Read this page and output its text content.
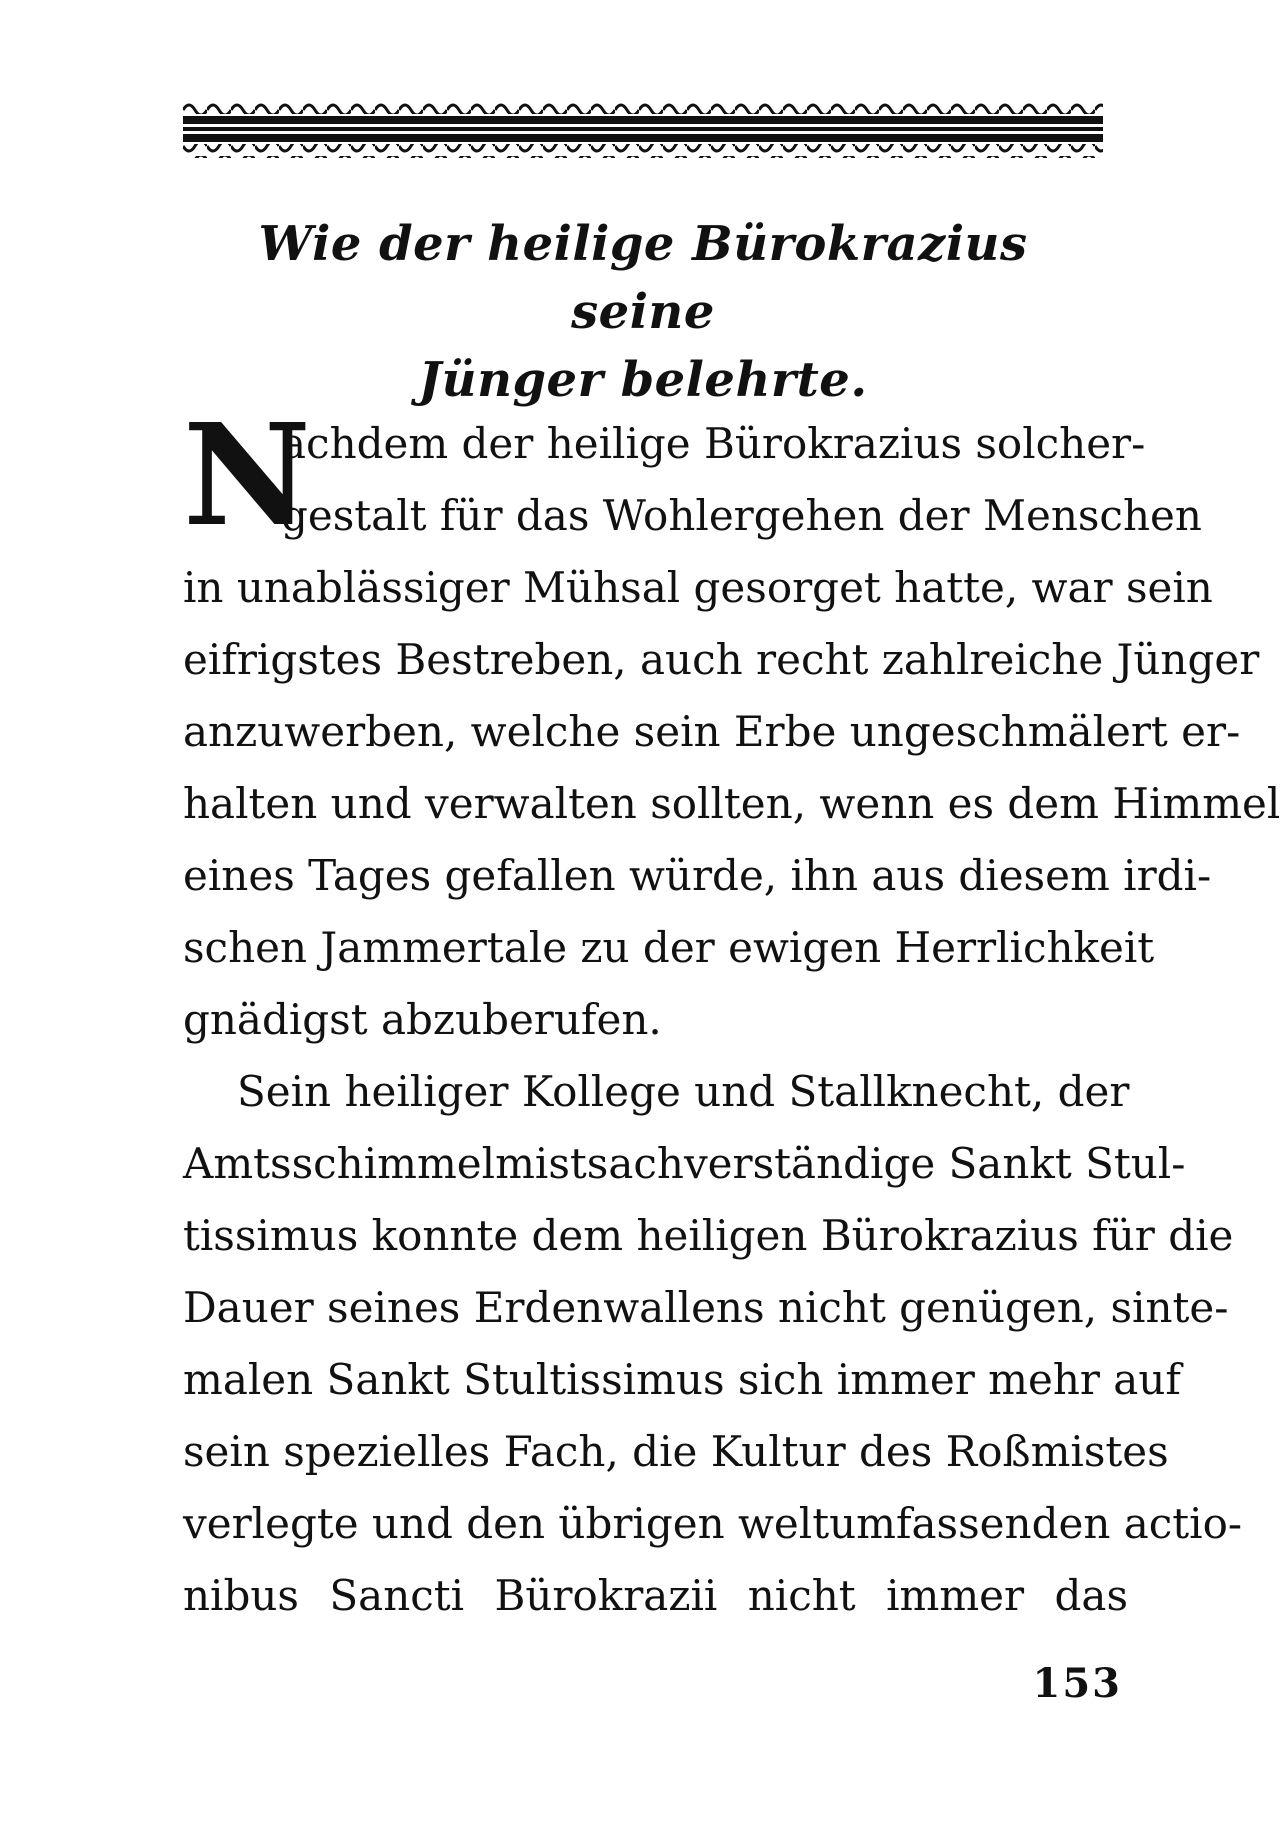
Wie der heilige Bürokrazius seine
Jünger belehrte.
N
achdem der heilige Bürokrazius solcher-
gestalt für das Wohlergehen der Menschen
in unablässiger Mühsal gesorget hatte, war sein
eifrigstes Bestreben, auch recht zahlreiche Jünger
anzuwerben, welche sein Erbe ungeschmälert er-
halten und verwalten sollten, wenn es dem Himmel
eines Tages gefallen würde, ihn aus diesem irdi-
schen Jammertale zu der ewigen Herrlichkeit
gnädigst abzuberufen.
Sein heiliger Kollege und Stallknecht, der
Amtsschimmelmistsachverständige Sankt Stul-
tissimus konnte dem heiligen Bürokrazius für die
Dauer seines Erdenwallens nicht genügen, sinte-
malen Sankt Stultissimus sich immer mehr auf
sein spezielles Fach, die Kultur des Roßmistes
verlegte und den übrigen weltumfassenden actio-
nibus Sancti Bürokrazii nicht immer das
153
